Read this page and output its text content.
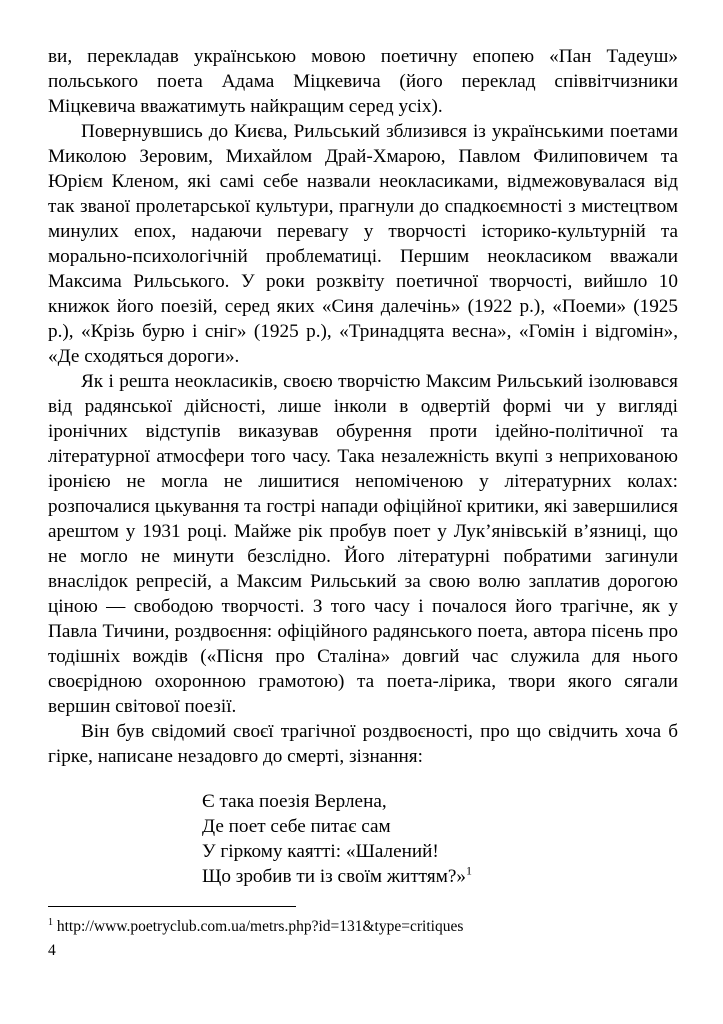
ви, перекладав українською мовою поетичну епопею «Пан Тадеуш» польського поета Адама Міцкевича (його переклад співвітчизники Міцкевича вважатимуть найкращим серед усіх).

Повернувшись до Києва, Рильський зблизився із українськими поетами Миколою Зеровим, Михайлом Драй-Хмарою, Павлом Филиповичем та Юрієм Кленом, які самі себе назвали неокласиками, відмежовувалася від так званої пролетарської культури, прагнули до спадкоємності з мистецтвом минулих епох, надаючи перевагу у творчості історико-культурній та морально-психологічній проблематиці. Першим неокласиком вважали Максима Рильського. У роки розквіту поетичної творчості, вийшло 10 книжок його поезій, серед яких «Синя далечінь» (1922 р.), «Поеми» (1925 р.), «Крізь бурю і сніг» (1925 р.), «Тринадцята весна», «Гомін і відгомін», «Де сходяться дороги».

Як і решта неокласиків, своєю творчістю Максим Рильський ізолювався від радянської дійсності, лише інколи в одвертій формі чи у вигляді іронічних відступів виказував обурення проти ідейно-політичної та літературної атмосфери того часу. Така незалежність вкупі з неприхованою іронією не могла не лишитися непоміченою у літературних колах: розпочалися цькування та гострі напади офіційної критики, які завершилися арештом у 1931 році. Майже рік пробув поет у Лук’янівській в’язниці, що не могло не минути безслідно. Його літературні побратими загинули внаслідок репресій, а Максим Рильський за свою волю заплатив дорогою ціною — свободою творчості. З того часу і почалося його трагічне, як у Павла Тичини, роздвоєння: офіційного радянського поета, автора пісень про тодішніх вождів («Пісня про Сталіна» довгий час служила для нього своєрідною охоронною грамотою) та поета-лірика, твори якого сягали вершин світової поезії.

Він був свідомий своєї трагічної роздвоєності, про що свідчить хоча б гірке, написане незадовго до смерті, зізнання:

Є така поезія Верлена,
Де поет себе питає сам
У гіркому каятті: «Шалений!
Що зробив ти із своїм життям?»$^1$
$^1$ http://www.poetryclub.com.ua/metrs.php?id=131&type=critiques
4
